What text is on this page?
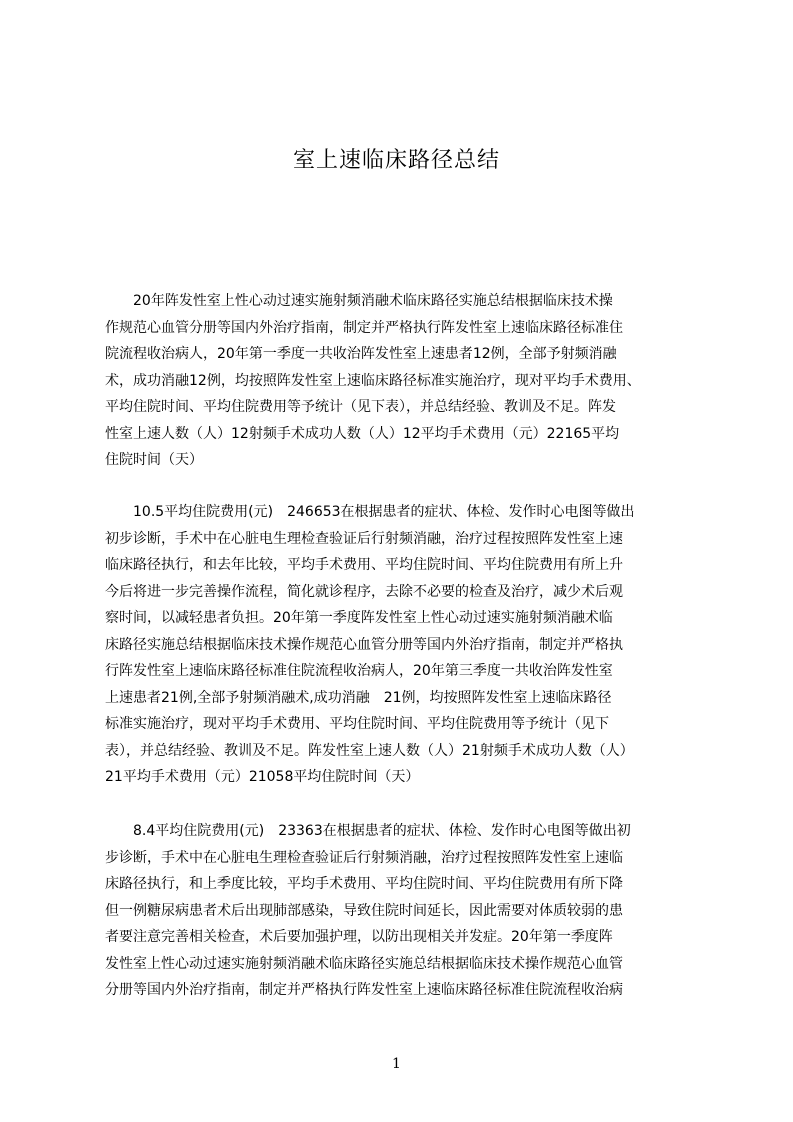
室上速临床路径总结
　　20年阵发性室上性心动过速实施射频消融术临床路径实施总结根据临床技术操
作规范心血管分册等国内外治疗指南，制定并严格执行阵发性室上速临床路径标准住
院流程收治病人，20年第一季度一共收治阵发性室上速患者12例，全部予射频消融
术，成功消融12例，均按照阵发性室上速临床路径标准实施治疗，现对平均手术费用、
平均住院时间、平均住院费用等予统计（见下表），并总结经验、教训及不足。阵发
性室上速人数（人）12射频手术成功人数（人）12平均手术费用（元）22165平均
住院时间（天）
　　10.5平均住院费用(元)　246653在根据患者的症状、体检、发作时心电图等做出
初步诊断，手术中在心脏电生理检查验证后行射频消融，治疗过程按照阵发性室上速
临床路径执行，和去年比较，平均手术费用、平均住院时间、平均住院费用有所上升
今后将进一步完善操作流程，简化就诊程序，去除不必要的检查及治疗，减少术后观
察时间，以减轻患者负担。20年第一季度阵发性室上性心动过速实施射频消融术临
床路径实施总结根据临床技术操作规范心血管分册等国内外治疗指南，制定并严格执
行阵发性室上速临床路径标准住院流程收治病人，20年第三季度一共收治阵发性室
上速患者21例,全部予射频消融术,成功消融　21例，均按照阵发性室上速临床路径
标准实施治疗，现对平均手术费用、平均住院时间、平均住院费用等予统计（见下
表），并总结经验、教训及不足。阵发性室上速人数（人）21射频手术成功人数（人）
21平均手术费用（元）21058平均住院时间（天）
　　8.4平均住院费用(元)　23363在根据患者的症状、体检、发作时心电图等做出初
步诊断，手术中在心脏电生理检查验证后行射频消融，治疗过程按照阵发性室上速临
床路径执行，和上季度比较，平均手术费用、平均住院时间、平均住院费用有所下降
但一例糖尿病患者术后出现肺部感染，导致住院时间延长，因此需要对体质较弱的患
者要注意完善相关检查，术后要加强护理，以防出现相关并发症。20年第一季度阵
发性室上性心动过速实施射频消融术临床路径实施总结根据临床技术操作规范心血管
分册等国内外治疗指南，制定并严格执行阵发性室上速临床路径标准住院流程收治病
1
